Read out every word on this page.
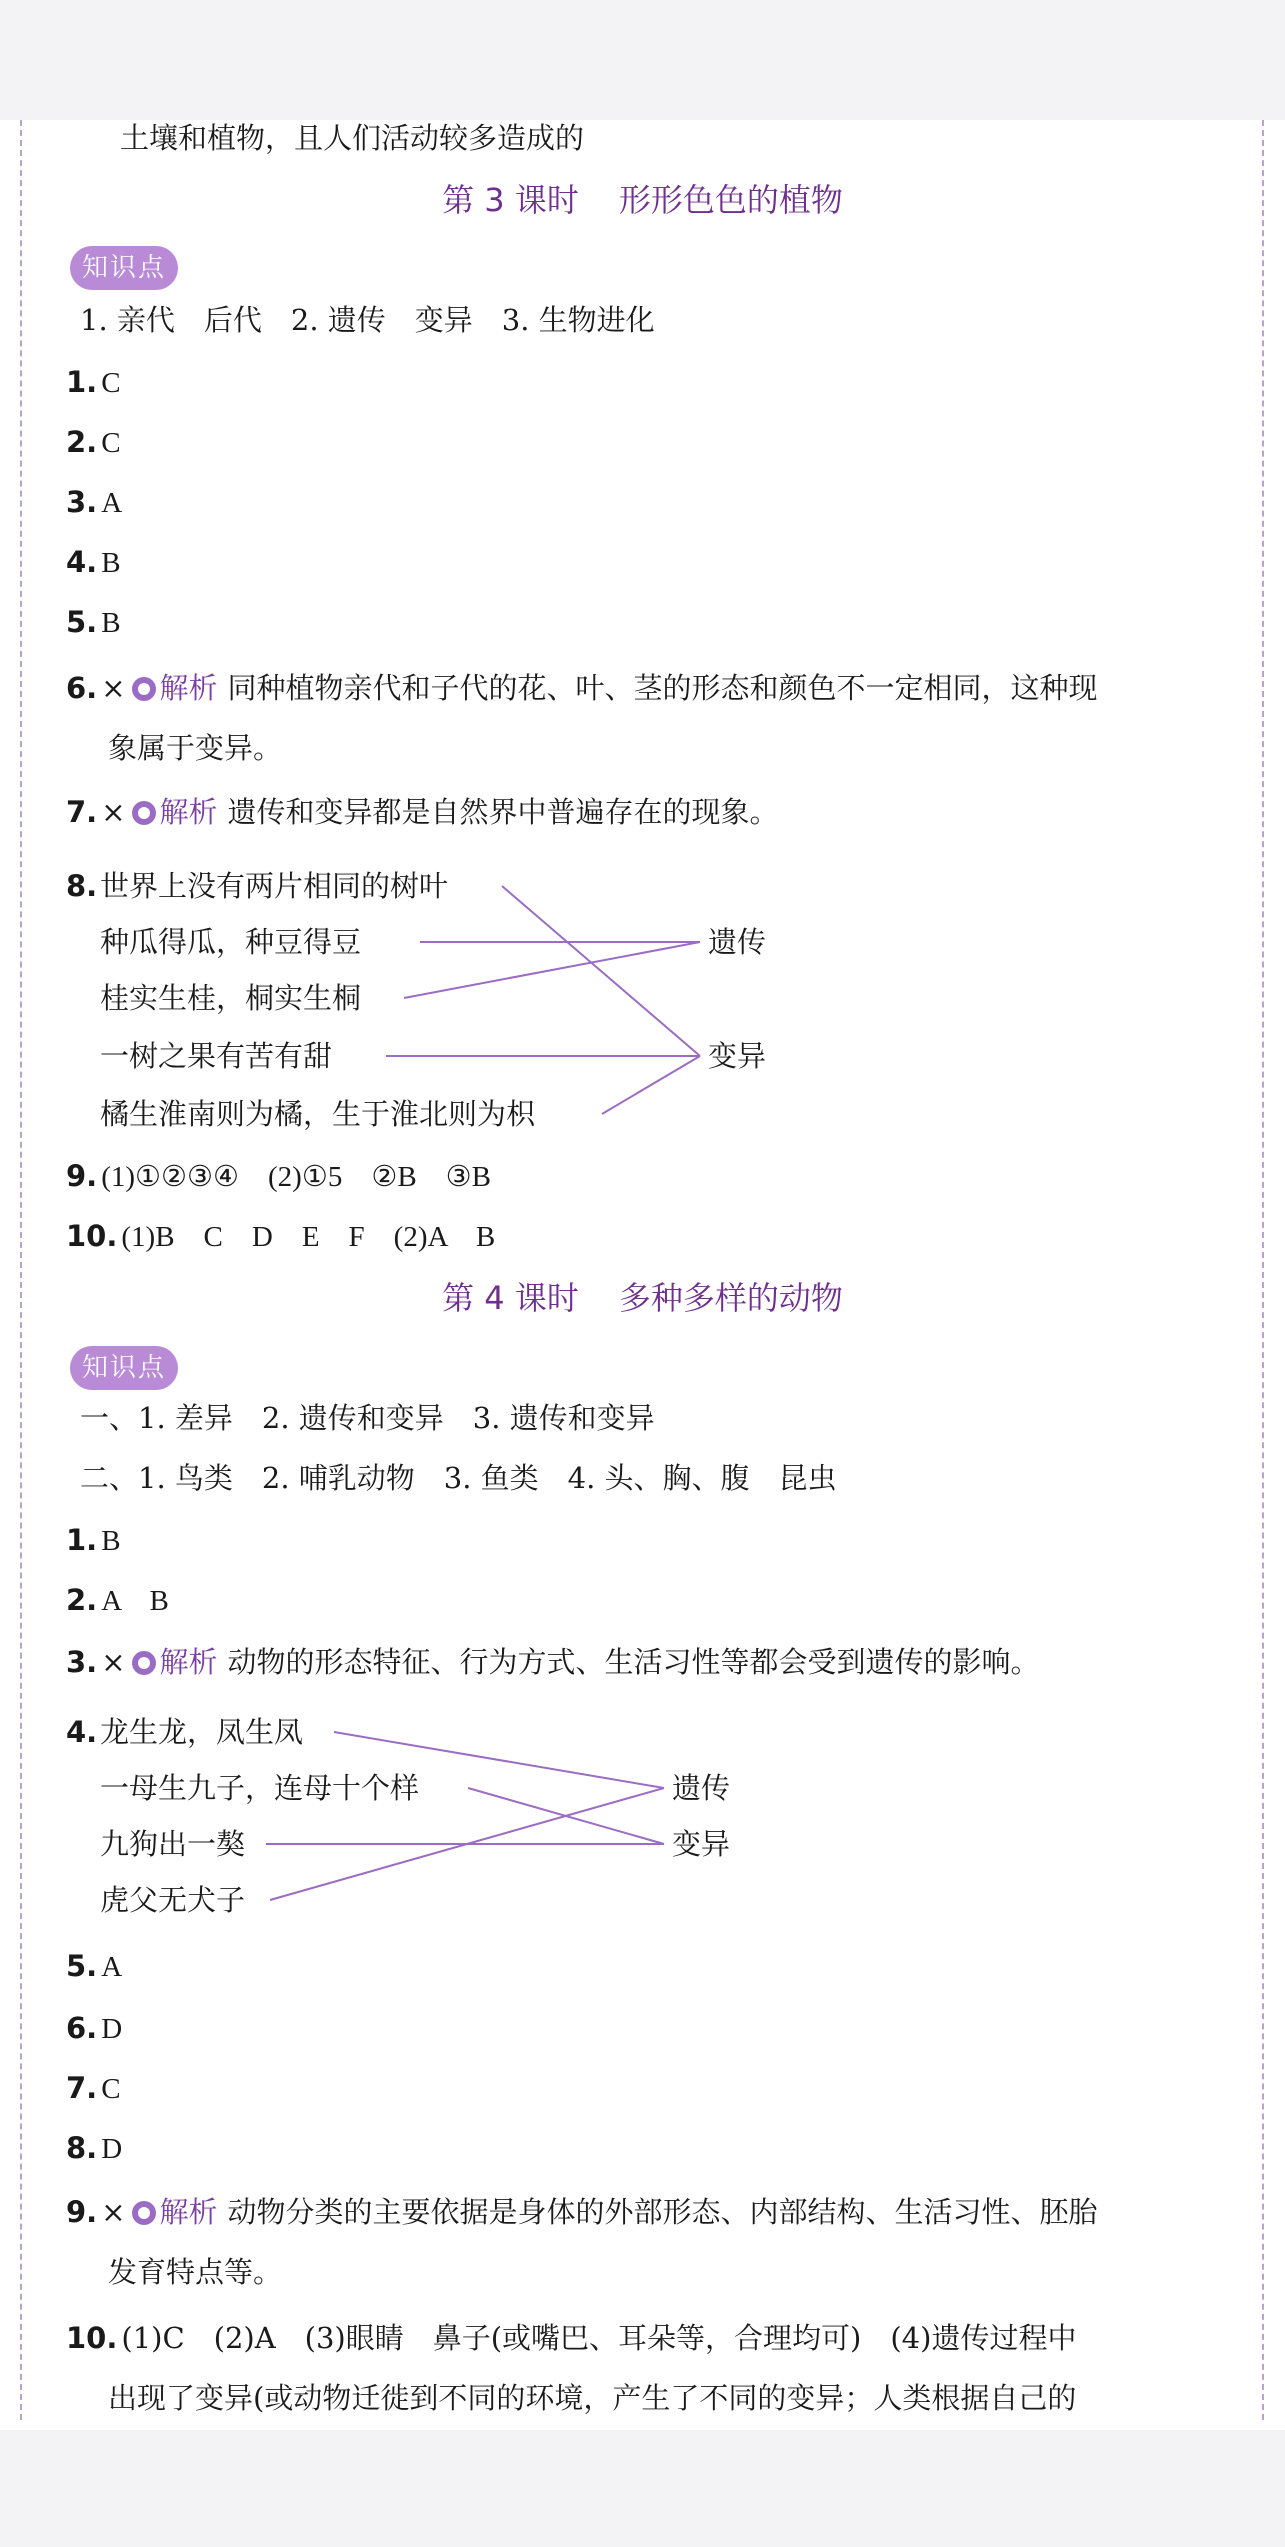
土壤和植物，且人们活动较多造成的
第 3 课时 形形色色的植物
知识点
1. 亲代　后代　2. 遗传　变异　3. 生物进化
1. C
2. C
3. A
4. B
5. B
6. × 解析 同种植物亲代和子代的花、叶、茎的形态和颜色不一定相同，这种现
象属于变异。
7. × 解析 遗传和变异都是自然界中普遍存在的现象。
8. 世界上没有两片相同的树叶
种瓜得瓜，种豆得豆
桂实生桂，桐实生桐
一树之果有苦有甜
橘生淮南则为橘，生于淮北则为枳
遗传
变异
9. (1)①②③④　(2)①5　②B　③B
10. (1)B　C　D　E　F　(2)A　B
第 4 课时 多种多样的动物
知识点
一、1. 差异　2. 遗传和变异　3. 遗传和变异
二、1. 鸟类　2. 哺乳动物　3. 鱼类　4. 头、胸、腹　昆虫
1. B
2. A　B
3. × 解析 动物的形态特征、行为方式、生活习性等都会受到遗传的影响。
4. 龙生龙，凤生凤
一母生九子，连母十个样
九狗出一獒
虎父无犬子
遗传
变异
5. A
6. D
7. C
8. D
9. × 解析 动物分类的主要依据是身体的外部形态、内部结构、生活习性、胚胎
发育特点等。
10. (1)C　(2)A　(3)眼睛　鼻子(或嘴巴、耳朵等，合理均可)　(4)遗传过程中
出现了变异(或动物迁徙到不同的环境，产生了不同的变异；人类根据自己的
